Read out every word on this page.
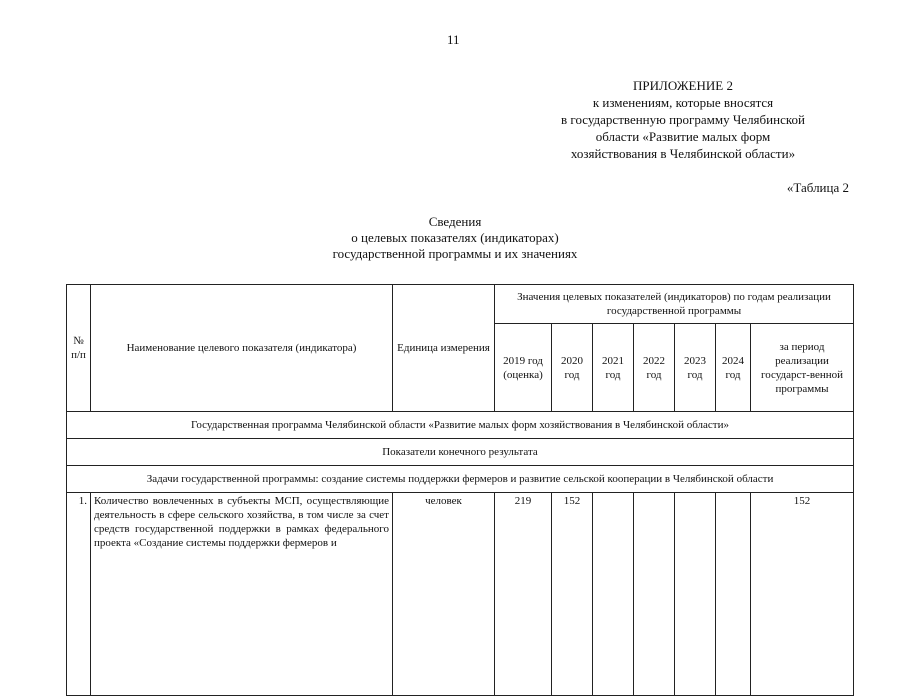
11
ПРИЛОЖЕНИЕ 2
к изменениям, которые вносятся
в государственную программу Челябинской
области «Развитие малых форм
хозяйствования в Челябинской области»
«Таблица 2
Сведения
о целевых показателях (индикаторах)
государственной программы и их значениях
№ п/п	Наименование целевого показателя (индикатора)	Единица измерения	Значения целевых показателей (индикаторов) по годам реализации государственной программы						
			2019 год (оценка)	2020 год	2021 год	2022 год	2023 год	2024 год	за период реализации государст-венной программы
Государственная программа Челябинской области «Развитие малых форм хозяйствования в Челябинской области»									
Показатели конечного результата									
Задачи государственной программы: создание системы поддержки фермеров и развитие сельской кооперации в Челябинской области									
1.	Количество вовлеченных в субъекты МСП, осуществляющие деятельность в сфере сельского хозяйства, в том числе за счет средств государственной поддержки в рамках федерального проекта «Создание системы поддержки фермеров и	человек	219	152					152
